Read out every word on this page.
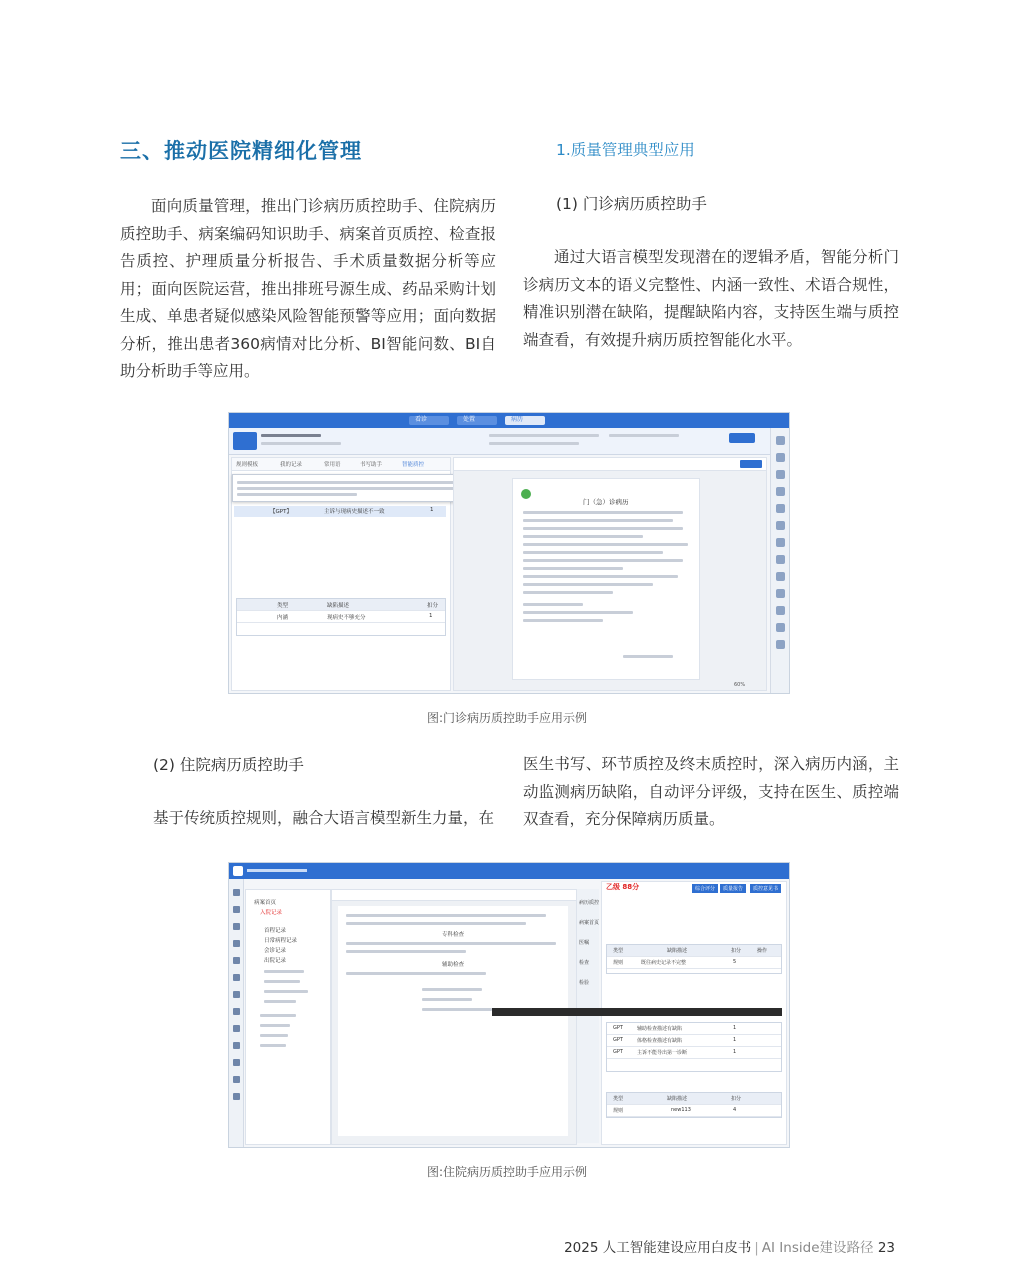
三、推动医院精细化管理	1.质量管理典型应用
面向质量管理，推出门诊病历质控助手、住院病历质控助手、病案编码知识助手、病案首页质控、检查报告质控、护理质量分析报告、手术质量数据分析等应用；面向医院运营，推出排班号源生成、药品采购计划生成、单患者疑似感染风险智能预警等应用；面向数据分析，推出患者360病情对比分析、BI智能问数、BI自助分析助手等应用。
(1) 门诊病历质控助手
通过大语言模型发现潜在的逻辑矛盾，智能分析门诊病历文本的语义完整性、内涵一致性、术语合规性，精准识别潜在缺陷，提醒缺陷内容，支持医生端与质控端查看，有效提升病历质控智能化水平。
看诊	处置	病历
规则模板	我的记录	常用语	书写助手	智能质控
【GPT】	主诉与现病史描述不一致	1
类型	缺陷描述	扣分
内涵	现病史不够充分	1
门（急）诊病历
60%
图:门诊病历质控助手应用示例
(2) 住院病历质控助手
基于传统质控规则，融合大语言模型新生力量，在
医生书写、环节质控及终末质控时，深入病历内涵，主动监测病历缺陷，自动评分评级，支持在医生、质控端双查看，充分保障病历质量。
病案首页
入院记录
首程记录
日常病程记录
会诊记录
出院记录
专科检查
辅助检查
病历质控
病案首页
医嘱
检查
检验
乙级 88分	综合评分	质量报告	质控意见书
类型	缺陷描述	扣分	操作
规则	既往病史记录不完整	5
GPT	辅助检查描述有缺陷	1
GPT	体格检查描述有缺陷	1
GPT	主诉不能导出第一诊断	1
类型	缺陷描述	扣分
规则	new113	4
图:住院病历质控助手应用示例
2025 人工智能建设应用白皮书 | AI Inside建设路径 23
